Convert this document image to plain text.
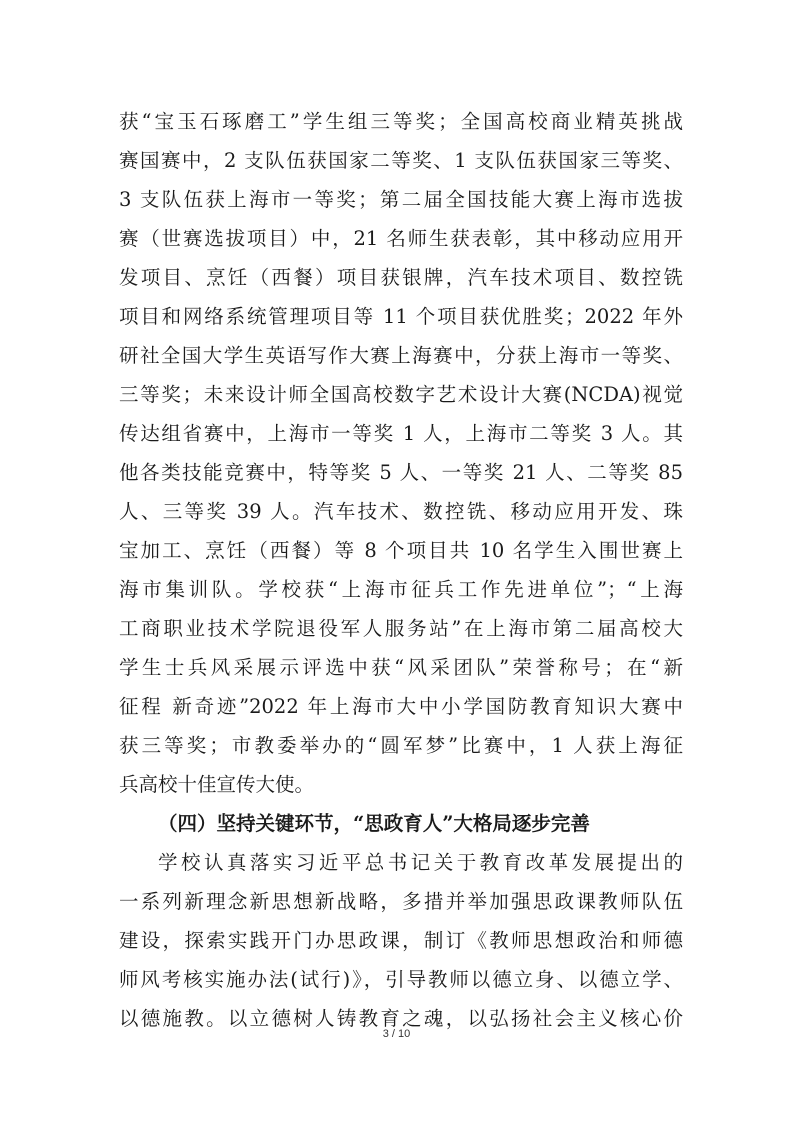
获“宝玉石琢磨工”学生组三等奖；全国高校商业精英挑战
赛国赛中，2 支队伍获国家二等奖、1 支队伍获国家三等奖、
3 支队伍获上海市一等奖；第二届全国技能大赛上海市选拔
赛（世赛选拔项目）中，21 名师生获表彰，其中移动应用开
发项目、烹饪（西餐）项目获银牌，汽车技术项目、数控铣
项目和网络系统管理项目等 11 个项目获优胜奖；2022 年外
研社全国大学生英语写作大赛上海赛中，分获上海市一等奖、
三等奖；未来设计师全国高校数字艺术设计大赛(NCDA)视觉
传达组省赛中，上海市一等奖 1 人，上海市二等奖 3 人。其
他各类技能竞赛中，特等奖 5 人、一等奖 21 人、二等奖 85
人、三等奖 39 人。汽车技术、数控铣、移动应用开发、珠
宝加工、烹饪（西餐）等 8 个项目共 10 名学生入围世赛上
海市集训队。学校获“上海市征兵工作先进单位”；“上海
工商职业技术学院退役军人服务站”在上海市第二届高校大
学生士兵风采展示评选中获“风采团队”荣誉称号；在“新
征程 新奇迹”2022 年上海市大中小学国防教育知识大赛中
获三等奖；市教委举办的“圆军梦”比赛中，1 人获上海征
兵高校十佳宣传大使。
（四）坚持关键环节，“思政育人”大格局逐步完善
学校认真落实习近平总书记关于教育改革发展提出的
一系列新理念新思想新战略，多措并举加强思政课教师队伍
建设，探索实践开门办思政课，制订《教师思想政治和师德
师风考核实施办法(试行)》，引导教师以德立身、以德立学、
以德施教。以立德树人铸教育之魂，以弘扬社会主义核心价
3 / 10
